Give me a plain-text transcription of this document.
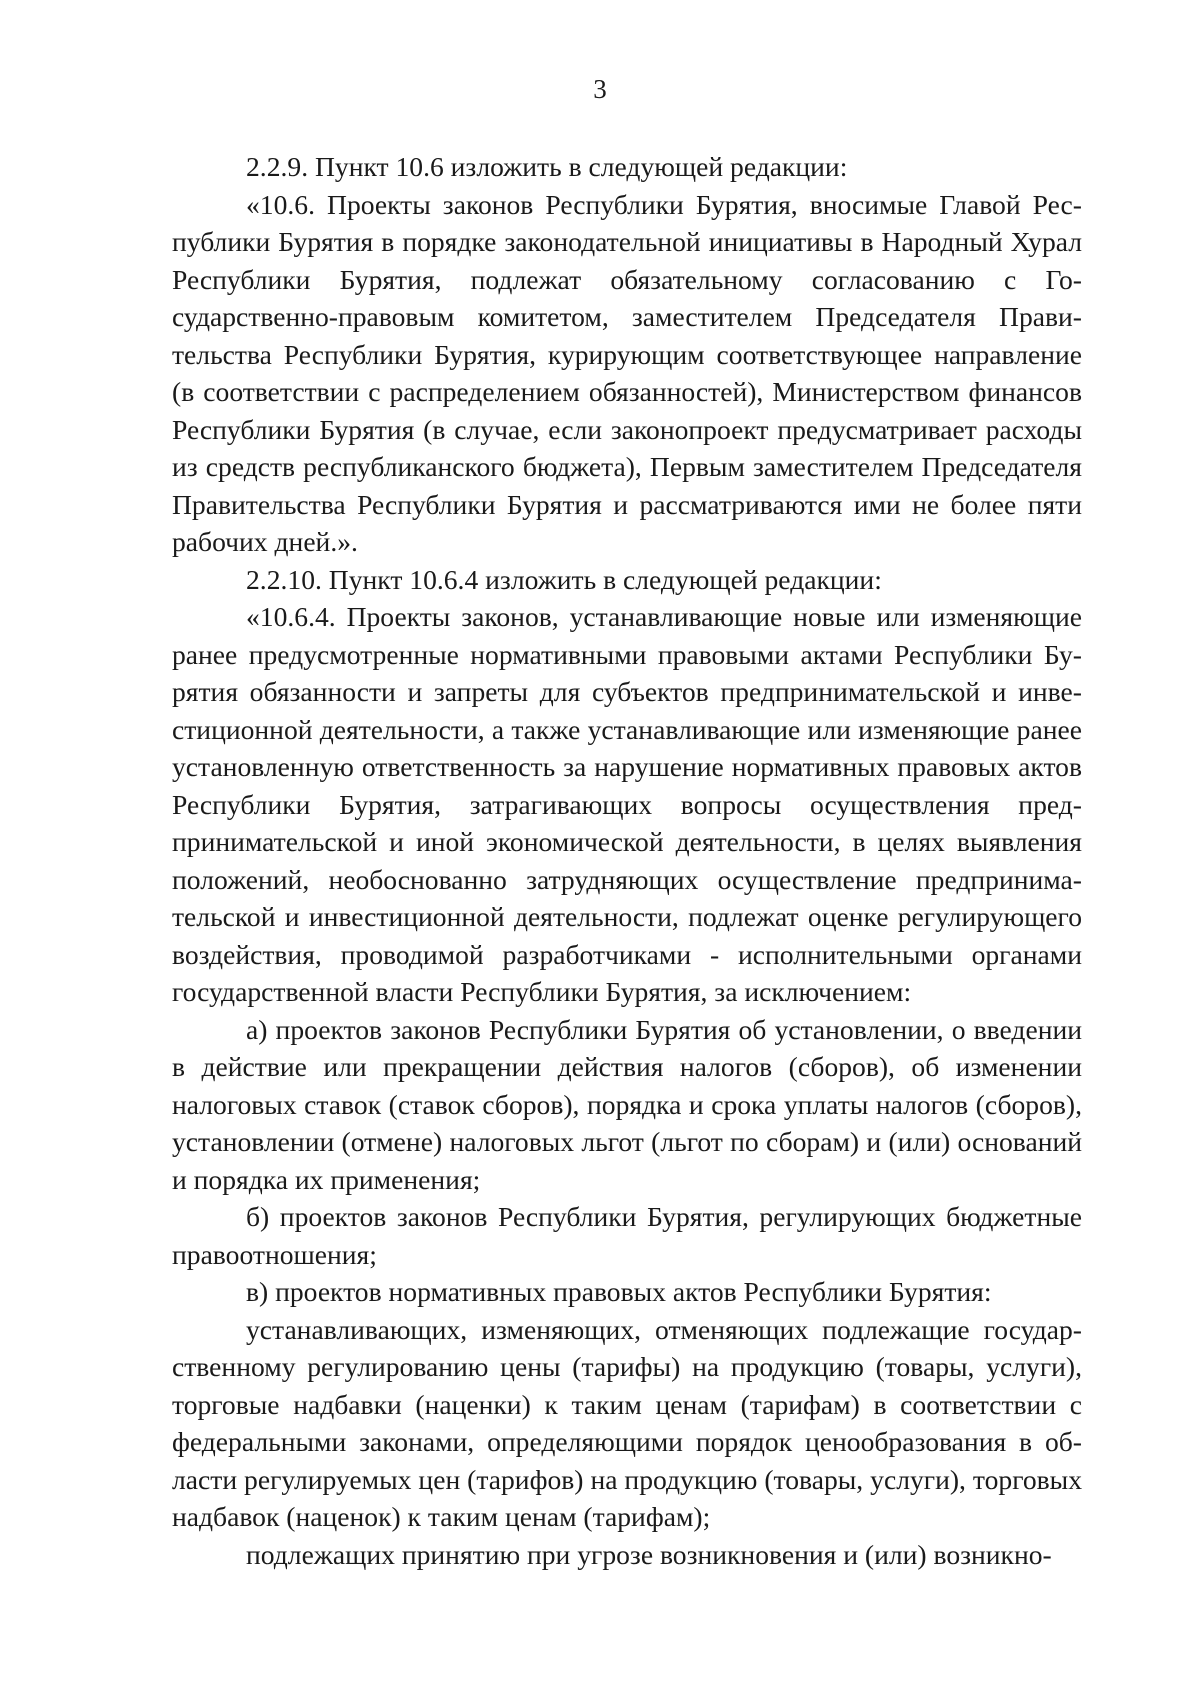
3

2.2.9. Пункт 10.6 изложить в следующей редакции:

«10.6. Проекты законов Республики Бурятия, вносимые Главой Республики Бурятия в порядке законодательной инициативы в Народный Хурал Республики Бурятия, подлежат обязательному согласованию с Государственно-правовым комитетом, заместителем Председателя Правительства Республики Бурятия, курирующим соответствующее направление (в соответствии с распределением обязанностей), Министерством финансов Республики Бурятия (в случае, если законопроект предусматривает расходы из средств республиканского бюджета), Первым заместителем Председателя Правительства Республики Бурятия и рассматриваются ими не более пяти рабочих дней.».

2.2.10. Пункт 10.6.4 изложить в следующей редакции:

«10.6.4. Проекты законов, устанавливающие новые или изменяющие ранее предусмотренные нормативными правовыми актами Республики Бурятия обязанности и запреты для субъектов предпринимательской и инвестиционной деятельности, а также устанавливающие или изменяющие ранее установленную ответственность за нарушение нормативных правовых актов Республики Бурятия, затрагивающих вопросы осуществления предпринимательской и иной экономической деятельности, в целях выявления положений, необоснованно затрудняющих осуществление предпринимательской и инвестиционной деятельности, подлежат оценке регулирующего воздействия, проводимой разработчиками - исполнительными органами государственной власти Республики Бурятия, за исключением:

а) проектов законов Республики Бурятия об установлении, о введении в действие или прекращении действия налогов (сборов), об изменении налоговых ставок (ставок сборов), порядка и срока уплаты налогов (сборов), установлении (отмене) налоговых льгот (льгот по сборам) и (или) оснований и порядка их применения;

б) проектов законов Республики Бурятия, регулирующих бюджетные правоотношения;

в) проектов нормативных правовых актов Республики Бурятия:

устанавливающих, изменяющих, отменяющих подлежащие государственному регулированию цены (тарифы) на продукцию (товары, услуги), торговые надбавки (наценки) к таким ценам (тарифам) в соответствии с федеральными законами, определяющими порядок ценообразования в области регулируемых цен (тарифов) на продукцию (товары, услуги), торговых надбавок (наценок) к таким ценам (тарифам);

подлежащих принятию при угрозе возникновения и (или) возникно-
